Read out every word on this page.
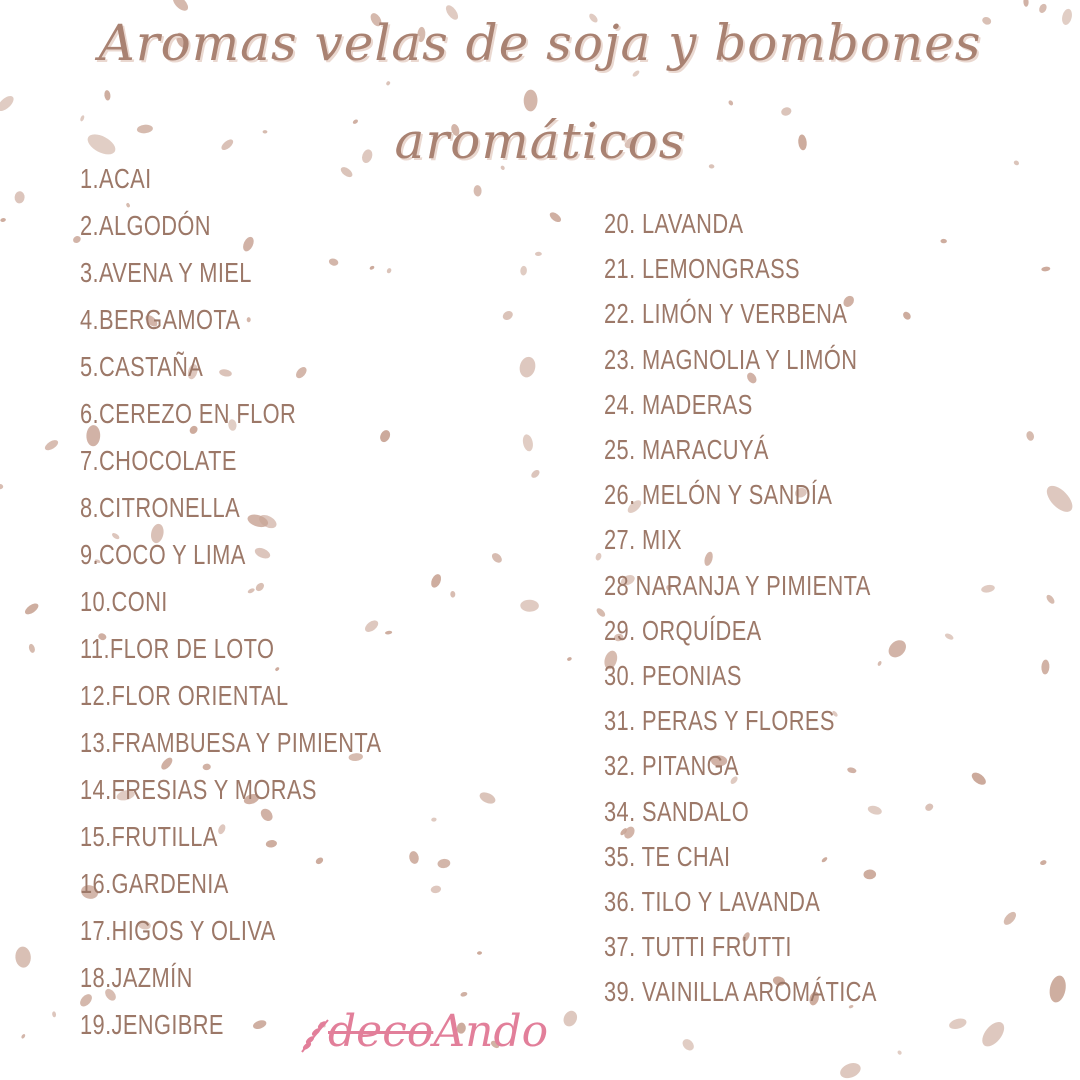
Aromas velas de soja y bombones
aromáticos
1.ACAI
2.ALGODÓN
3.AVENA Y MIEL
4.BERGAMOTA
5.CASTAÑA
6.CEREZO EN FLOR
7.CHOCOLATE
8.CITRONELLA
9.COCO Y LIMA
10.CONI
11.FLOR DE LOTO
12.FLOR ORIENTAL
13.FRAMBUESA Y PIMIENTA
14.FRESIAS Y MORAS
15.FRUTILLA
16.GARDENIA
17.HIGOS Y OLIVA
18.JAZMÍN
19.JENGIBRE
20. LAVANDA
21. LEMONGRASS
22. LIMÓN Y VERBENA
23. MAGNOLIA Y LIMÓN
24. MADERAS
25. MARACUYÁ
26. MELÓN Y SANDÍA
27. MIX
28 NARANJA Y PIMIENTA
29. ORQUÍDEA
30. PEONIAS
31. PERAS Y FLORES
32. PITANGA
34. SANDALO
35. TE CHAI
36. TILO Y LAVANDA
37. TUTTI FRUTTI
39. VAINILLA AROMÁTICA
decoAndo
